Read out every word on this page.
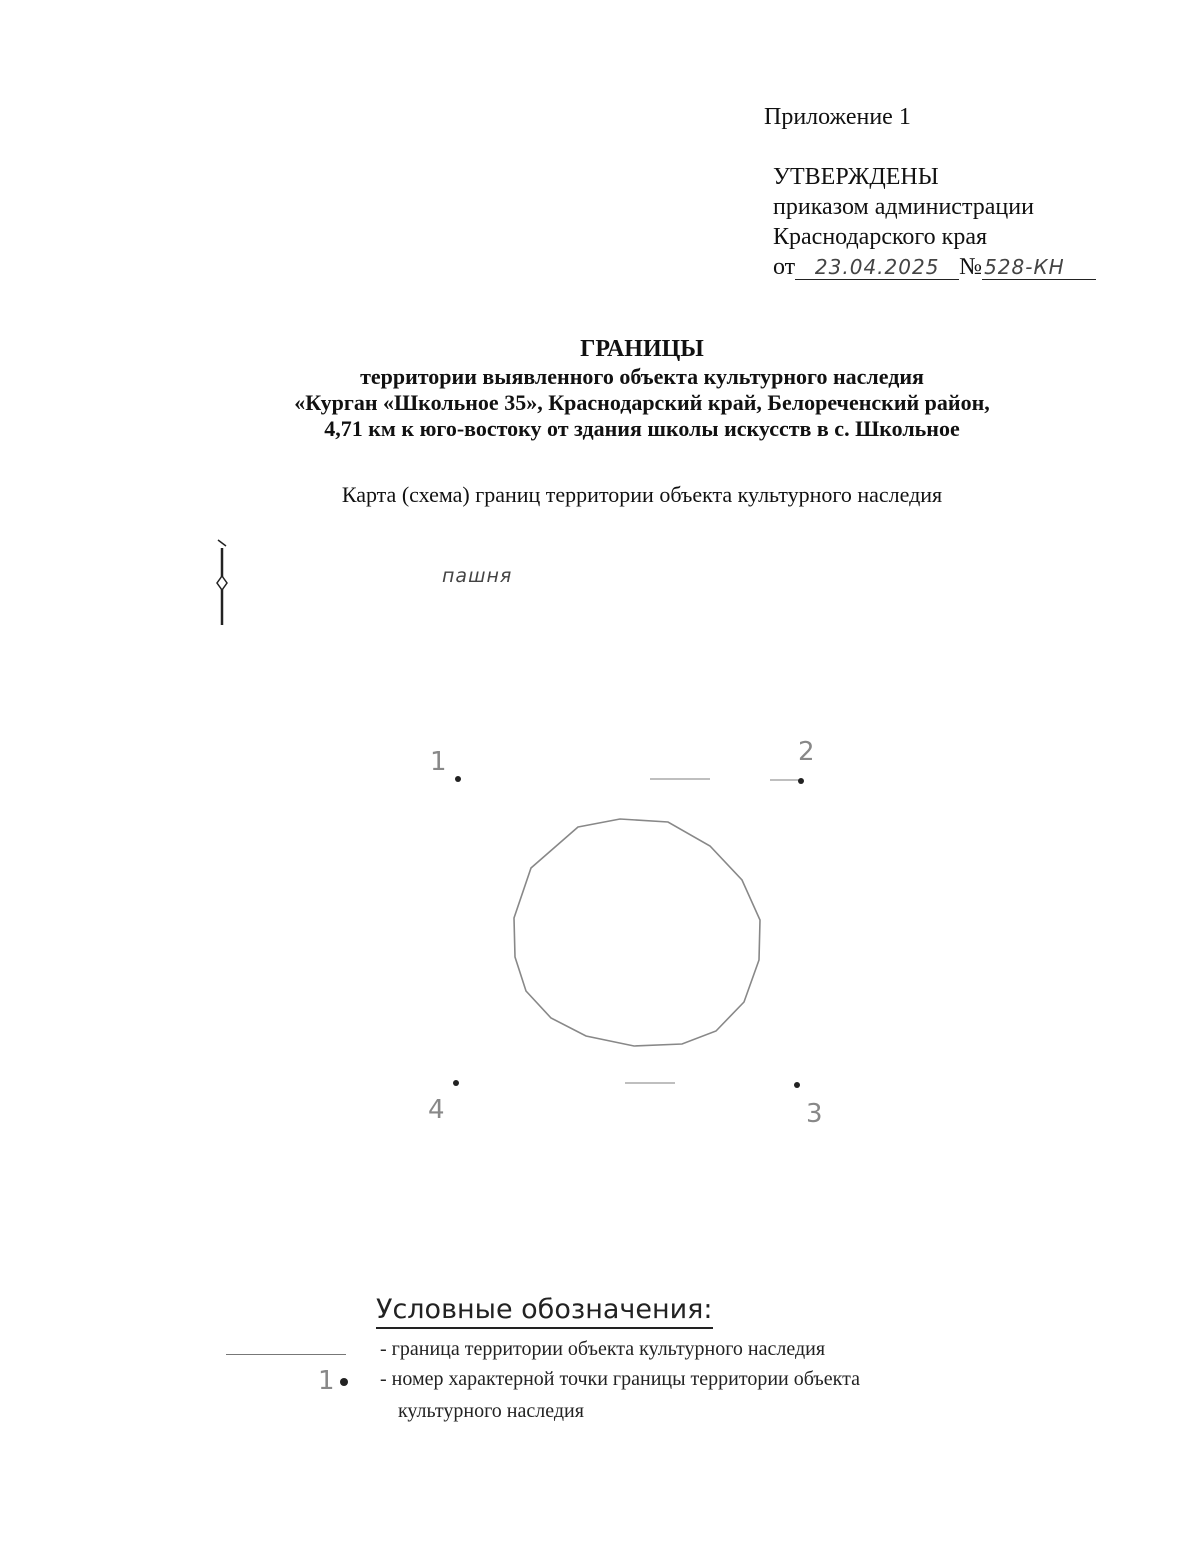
Приложение 1
УТВЕРЖДЕНЫ
приказом администрации
Краснодарского края
от 23.04.2025 № 528-КН
ГРАНИЦЫ
территории выявленного объекта культурного наследия
«Курган «Школьное 35», Краснодарский край, Белореченский район,
4,71 км к юго-востоку от здания школы искусств в с. Школьное
Карта (схема) границ территории объекта культурного наследия
пашня
1	2
3
4
Условные обозначения:
- граница территории объекта культурного наследия
1 - номер характерной точки границы территории объекта
культурного наследия
